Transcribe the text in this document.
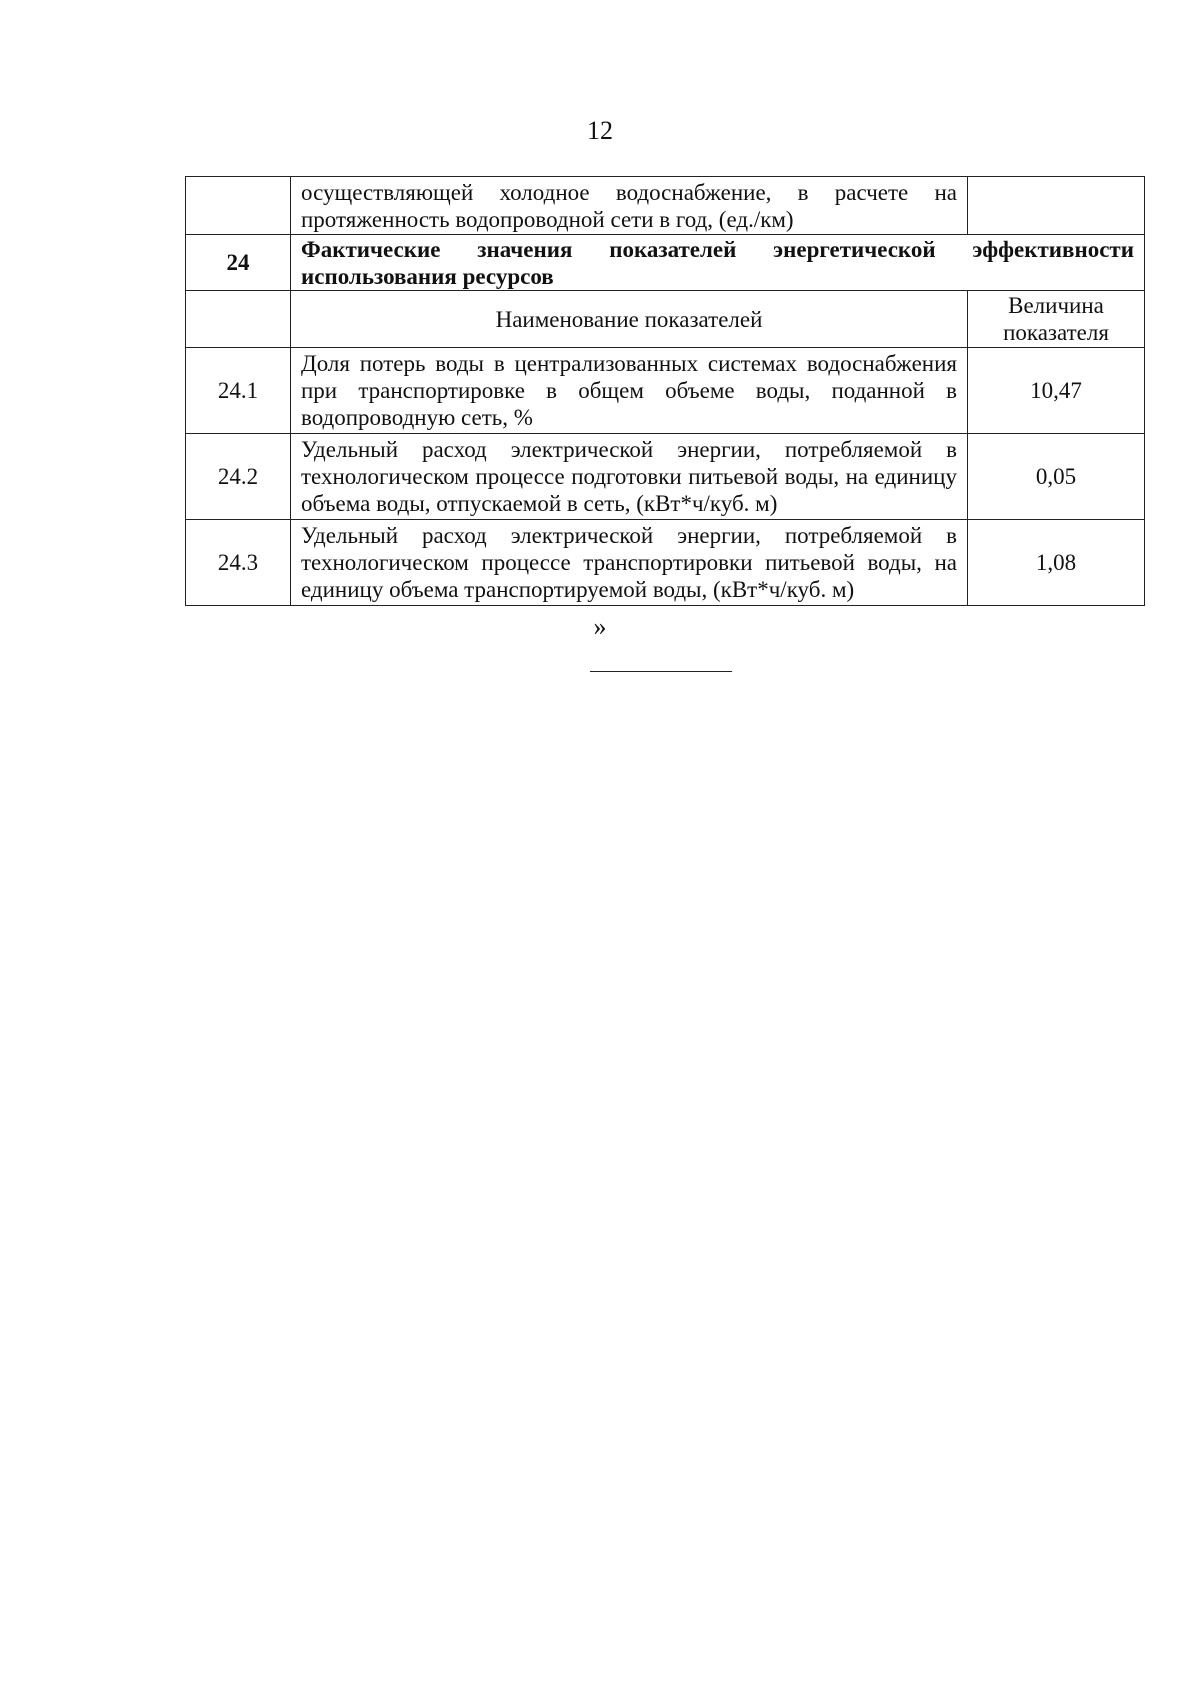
12
	осуществляющей холодное водоснабжение, в расчете на протяженность водопроводной сети в год, (ед./км)	
24	Фактические значения показателей энергетической эффективности использования ресурсов	
	Наименование показателей	Величина показателя
24.1	Доля потерь воды в централизованных системах водоснабжения при транспортировке в общем объеме воды, поданной в водопроводную сеть, %	10,47
24.2	Удельный расход электрической энергии, потребляемой в технологическом процессе подготовки питьевой воды, на единицу объема воды, отпускаемой в сеть, (кВт*ч/куб. м)	0,05
24.3	Удельный расход электрической энергии, потребляемой в технологическом процессе транспортировки питьевой воды, на единицу объема транспортируемой воды, (кВт*ч/куб. м)	1,08
»
